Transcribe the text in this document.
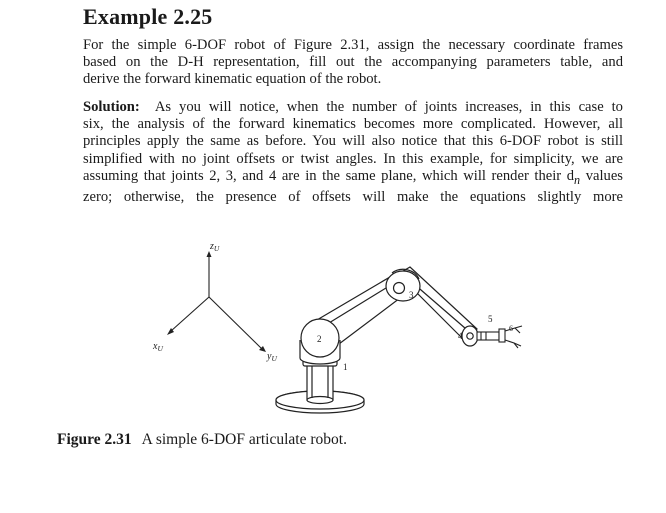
Example 2.25
For the simple 6-DOF robot of Figure 2.31, assign the necessary coordinate frames
based on the D-H representation, fill out the accompanying parameters table, and
derive the forward kinematic equation of the robot.
Solution: As you will notice, when the number of joints increases, in this case to
six, the analysis of the forward kinematics becomes more complicated. However, all
principles apply the same as before. You will also notice that this 6-DOF robot is still
simplified with no joint offsets or twist angles. In this example, for simplicity, we are
assuming that joints 2, 3, and 4 are in the same plane, which will render their $d_n$ values
zero; otherwise, the presence of offsets will make the equations slightly more
$z_U$
$y_U$
$x_U$
1
2
3
4
5
6
Figure 2.31 A simple 6-DOF articulate robot.
